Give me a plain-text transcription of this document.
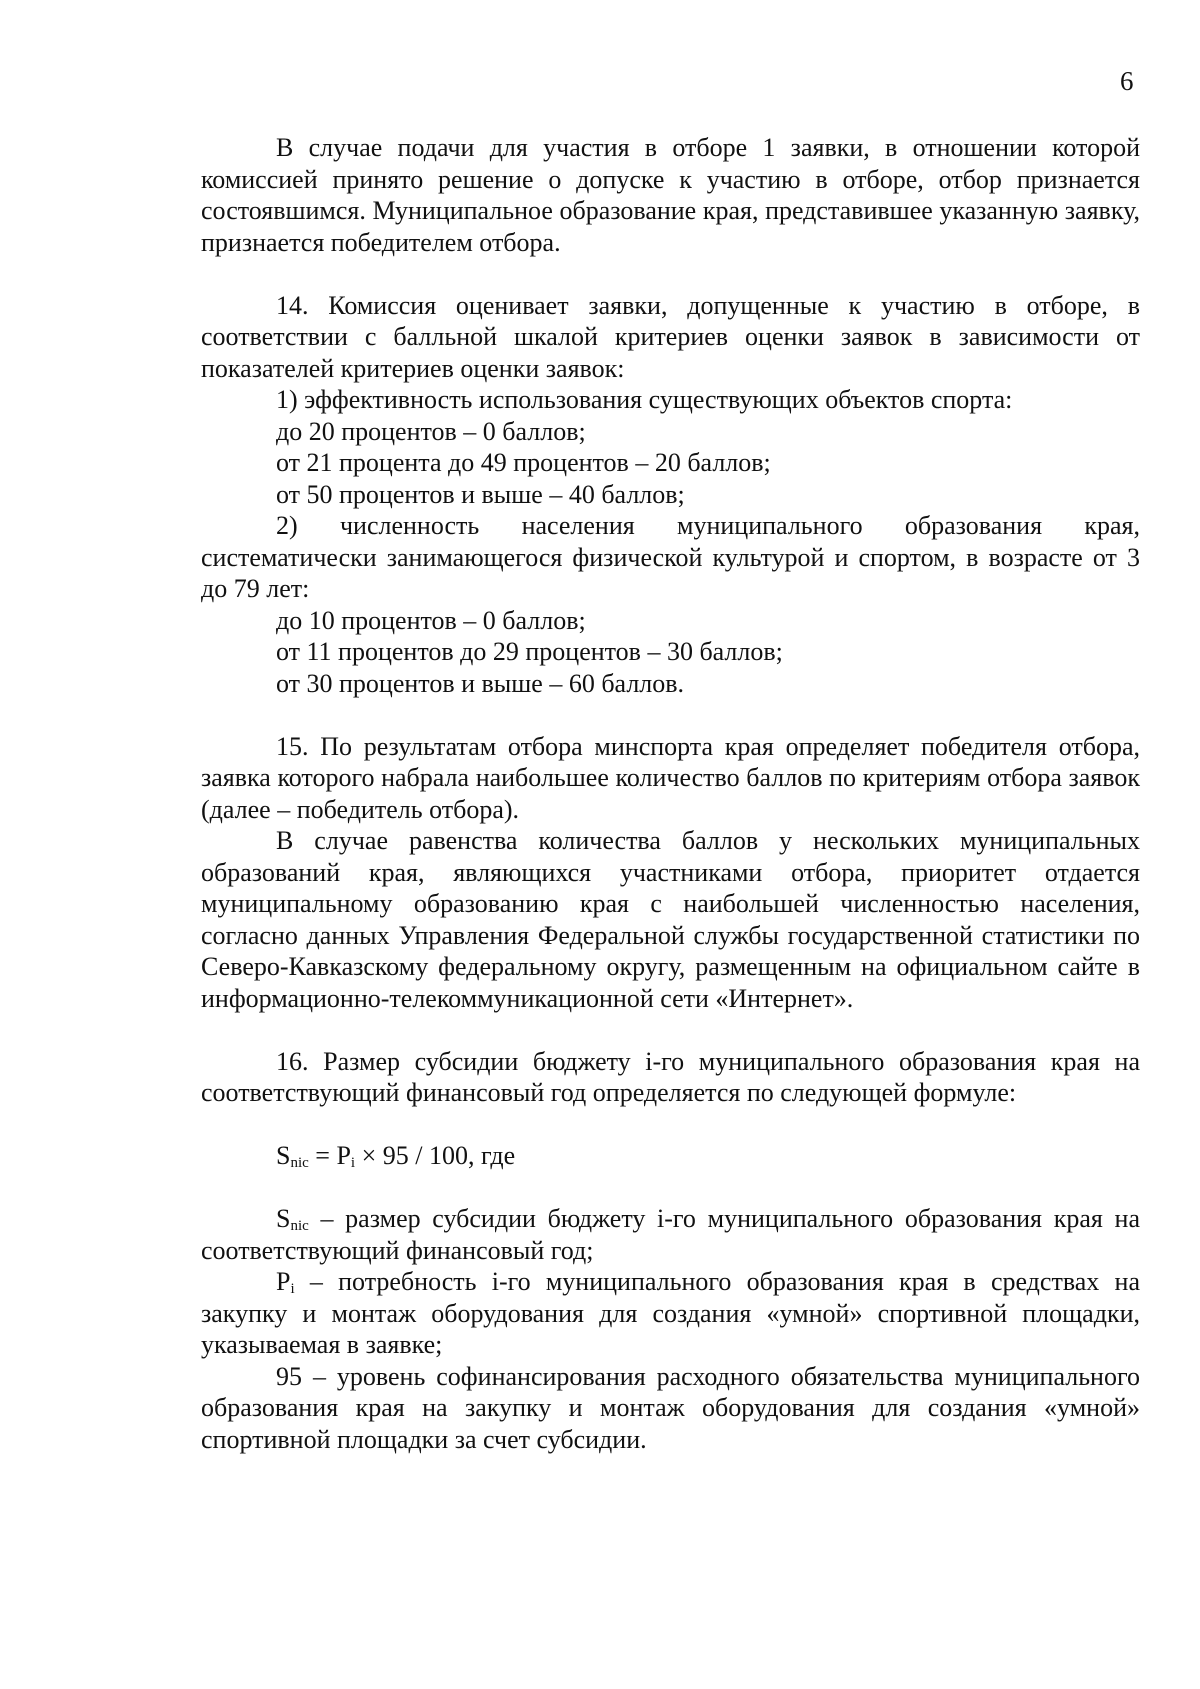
6

В случае подачи для участия в отборе 1 заявки, в отношении которой комиссией принято решение о допуске к участию в отборе, отбор признается состоявшимся. Муниципальное образование края, представившее указанную заявку, признается победителем отбора.

14. Комиссия оценивает заявки, допущенные к участию в отборе, в соответствии с балльной шкалой критериев оценки заявок в зависимости от показателей критериев оценки заявок:

1) эффективность использования существующих объектов спорта:

до 20 процентов – 0 баллов;

от 21 процента до 49 процентов – 20 баллов;

от 50 процентов и выше – 40 баллов;

2) численность населения муниципального образования края, систематически занимающегося физической культурой и спортом, в возрасте от 3 до 79 лет:

до 10 процентов – 0 баллов;

от 11 процентов до 29 процентов – 30 баллов;

от 30 процентов и выше – 60 баллов.

15. По результатам отбора минспорта края определяет победителя отбора, заявка которого набрала наибольшее количество баллов по критериям отбора заявок (далее – победитель отбора).

В случае равенства количества баллов у нескольких муниципальных образований края, являющихся участниками отбора, приоритет отдается муниципальному образованию края с наибольшей численностью населения, согласно данных Управления Федеральной службы государственной статистики по Северо-Кавказскому федеральному округу, размещенным на официальном сайте в информационно-телекоммуникационной сети «Интернет».

16. Размер субсидии бюджету i-го муниципального образования края на соответствующий финансовый год определяется по следующей формуле:

$S_{nic} = P_i \times 95 / 100$, где

$S_{nic}$ – размер субсидии бюджету i-го муниципального образования края на соответствующий финансовый год;

$P_i$ – потребность i-го муниципального образования края в средствах на закупку и монтаж оборудования для создания «умной» спортивной площадки, указываемая в заявке;

95 – уровень софинансирования расходного обязательства муниципального образования края на закупку и монтаж оборудования для создания «умной» спортивной площадки за счет субсидии.
